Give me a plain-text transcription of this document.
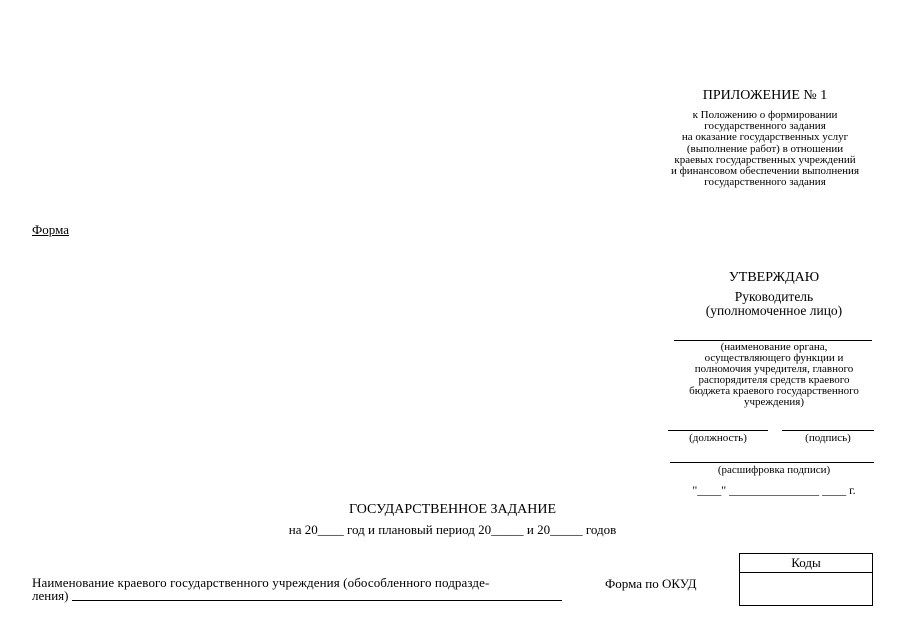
ПРИЛОЖЕНИЕ № 1
к Положению о формировании
государственного задания
на оказание государственных услуг
(выполнение работ) в отношении
краевых государственных учреждений
и финансовом обеспечении выполнения
государственного задания
Форма
УТВЕРЖДАЮ
Руководитель
(уполномоченное лицо)
(наименование органа,
осуществляющего функции и
полномочия учредителя, главного
распорядителя средств краевого
бюджета краевого государственного
учреждения)
(должность)	(подпись)
(расшифровка подписи)
"____" _______________ ____ г.
ГОСУДАРСТВЕННОЕ ЗАДАНИЕ
на 20____ год и плановый период 20_____ и 20_____ годов
Наименование краевого государственного учреждения (обособленного подразде-
ления)
Форма по ОКУД
Коды
